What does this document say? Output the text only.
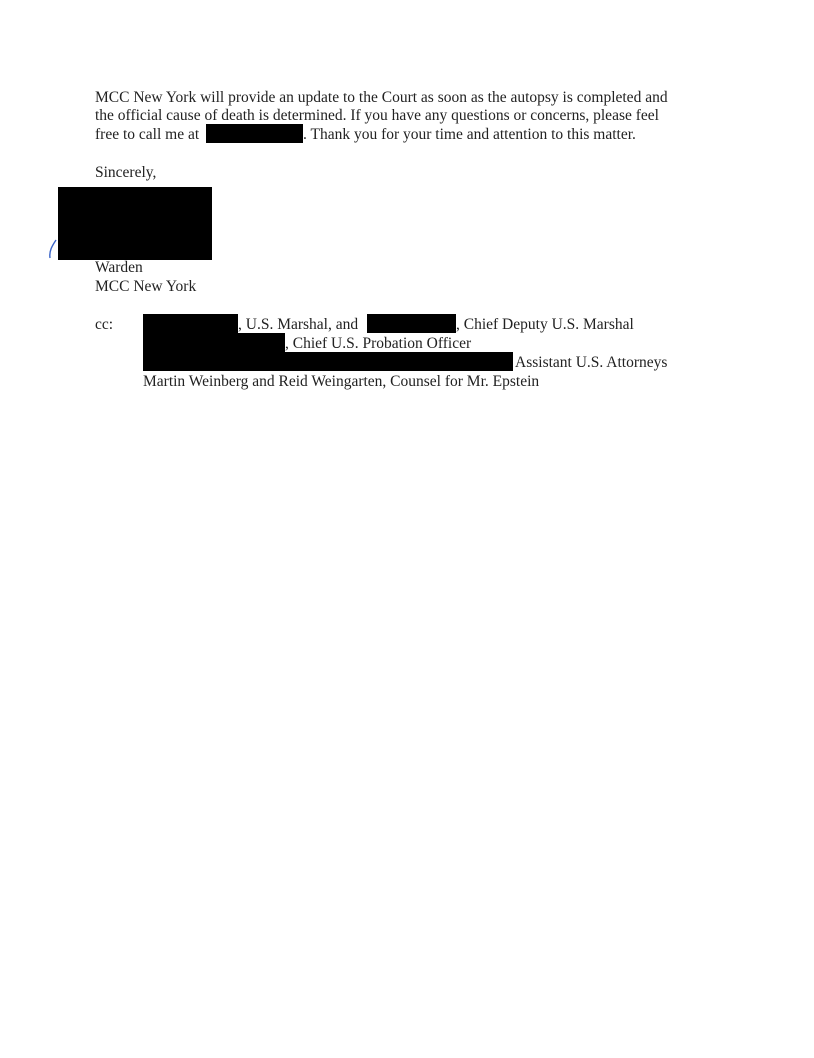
MCC New York will provide an update to the Court as soon as the autopsy is completed and
the official cause of death is determined. If you have any questions or concerns, please feel
free to call me at	. Thank you for your time and attention to this matter.
Sincerely,
Warden
MCC New York
cc:	, U.S. Marshal, and	, Chief Deputy U.S. Marshal
, Chief U.S. Probation Officer
Assistant U.S. Attorneys
Martin Weinberg and Reid Weingarten, Counsel for Mr. Epstein
